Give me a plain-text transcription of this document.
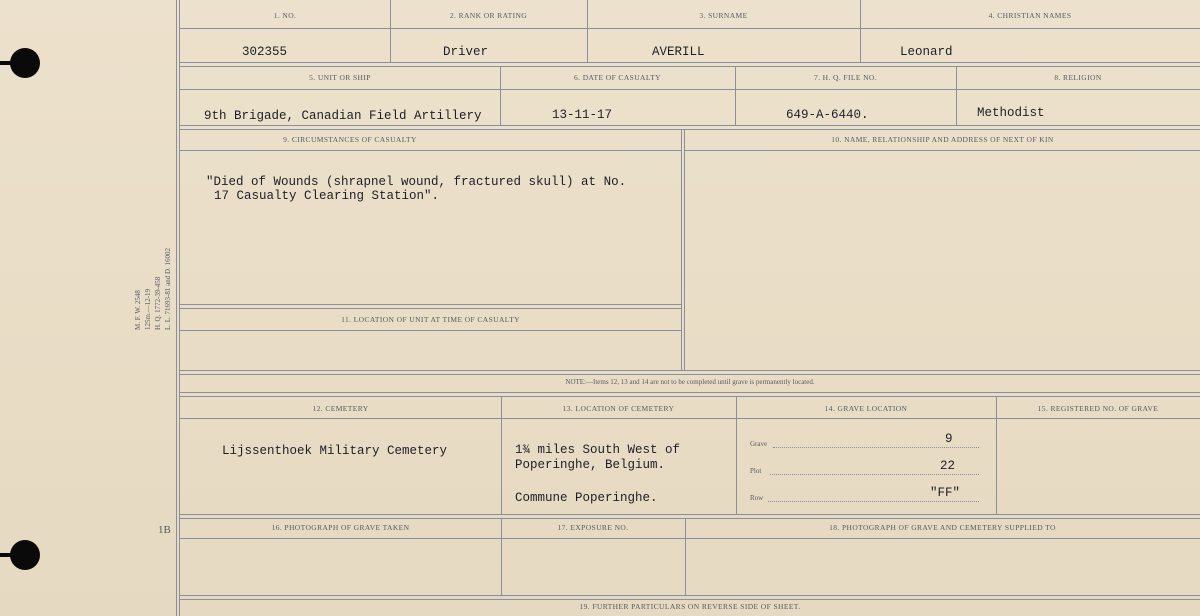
M. F. W. 2548 125m.—12-19 H. Q. 1772-39-458 L. L. 71693-81 and D. 16002
1B
1. NO.	2. RANK OR RATING	3. SURNAME	4. CHRISTIAN NAMES
302355	Driver	AVERILL	Leonard
5. UNIT OR SHIP	6. DATE OF CASUALTY	7. H. Q. FILE NO.	8. RELIGION
9th Brigade, Canadian Field Artillery	13-11-17	649-A-6440.	Methodist
9. CIRCUMSTANCES OF CASUALTY	10. NAME, RELATIONSHIP AND ADDRESS OF NEXT OF KIN
"Died of Wounds (shrapnel wound, fractured skull) at No.
17 Casualty Clearing Station".
11. LOCATION OF UNIT AT TIME OF CASUALTY
NOTE:—Items 12, 13 and 14 are not to be completed until grave is permanently located.
12. CEMETERY	13. LOCATION OF CEMETERY	14. GRAVE LOCATION	15. REGISTERED NO. OF GRAVE
Lijssenthoek Military Cemetery	1¾ miles South West of
Poperinghe, Belgium.
Commune Poperinghe.
Grave	9
Plot	22
Row	"FF"
16. PHOTOGRAPH OF GRAVE TAKEN	17. EXPOSURE NO.	18. PHOTOGRAPH OF GRAVE AND CEMETERY SUPPLIED TO
19. FURTHER PARTICULARS ON REVERSE SIDE OF SHEET.
